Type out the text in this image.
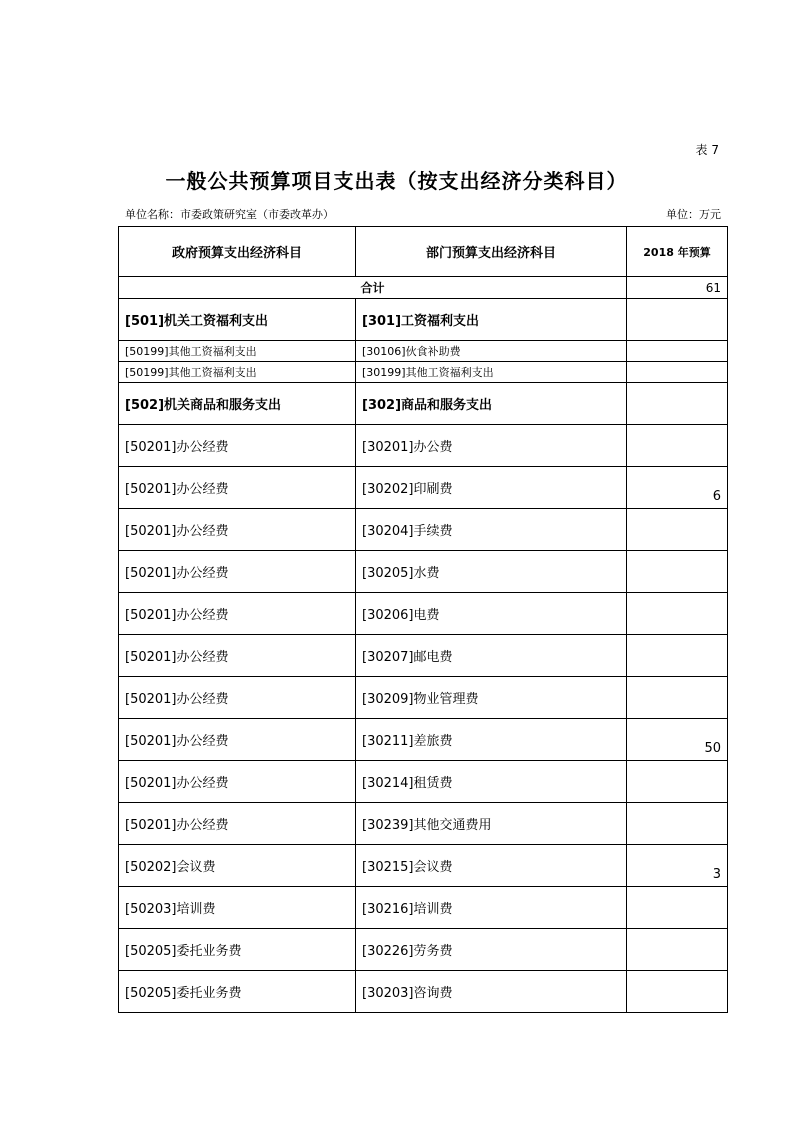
表 7
一般公共预算项目支出表（按支出经济分类科目）
单位名称：市委政策研究室（市委改革办）	单位：万元
政府预算支出经济科目	部门预算支出经济科目	2018 年预算
合计		61
[501]机关工资福利支出	[301]工资福利支出	
[50199]其他工资福利支出	[30106]伙食补助费	
[50199]其他工资福利支出	[30199]其他工资福利支出	
[502]机关商品和服务支出	[302]商品和服务支出	
[50201]办公经费	[30201]办公费	
[50201]办公经费	[30202]印刷费	6
[50201]办公经费	[30204]手续费	
[50201]办公经费	[30205]水费	
[50201]办公经费	[30206]电费	
[50201]办公经费	[30207]邮电费	
[50201]办公经费	[30209]物业管理费	
[50201]办公经费	[30211]差旅费	50
[50201]办公经费	[30214]租赁费	
[50201]办公经费	[30239]其他交通费用	
[50202]会议费	[30215]会议费	3
[50203]培训费	[30216]培训费	
[50205]委托业务费	[30226]劳务费	
[50205]委托业务费	[30203]咨询费	
